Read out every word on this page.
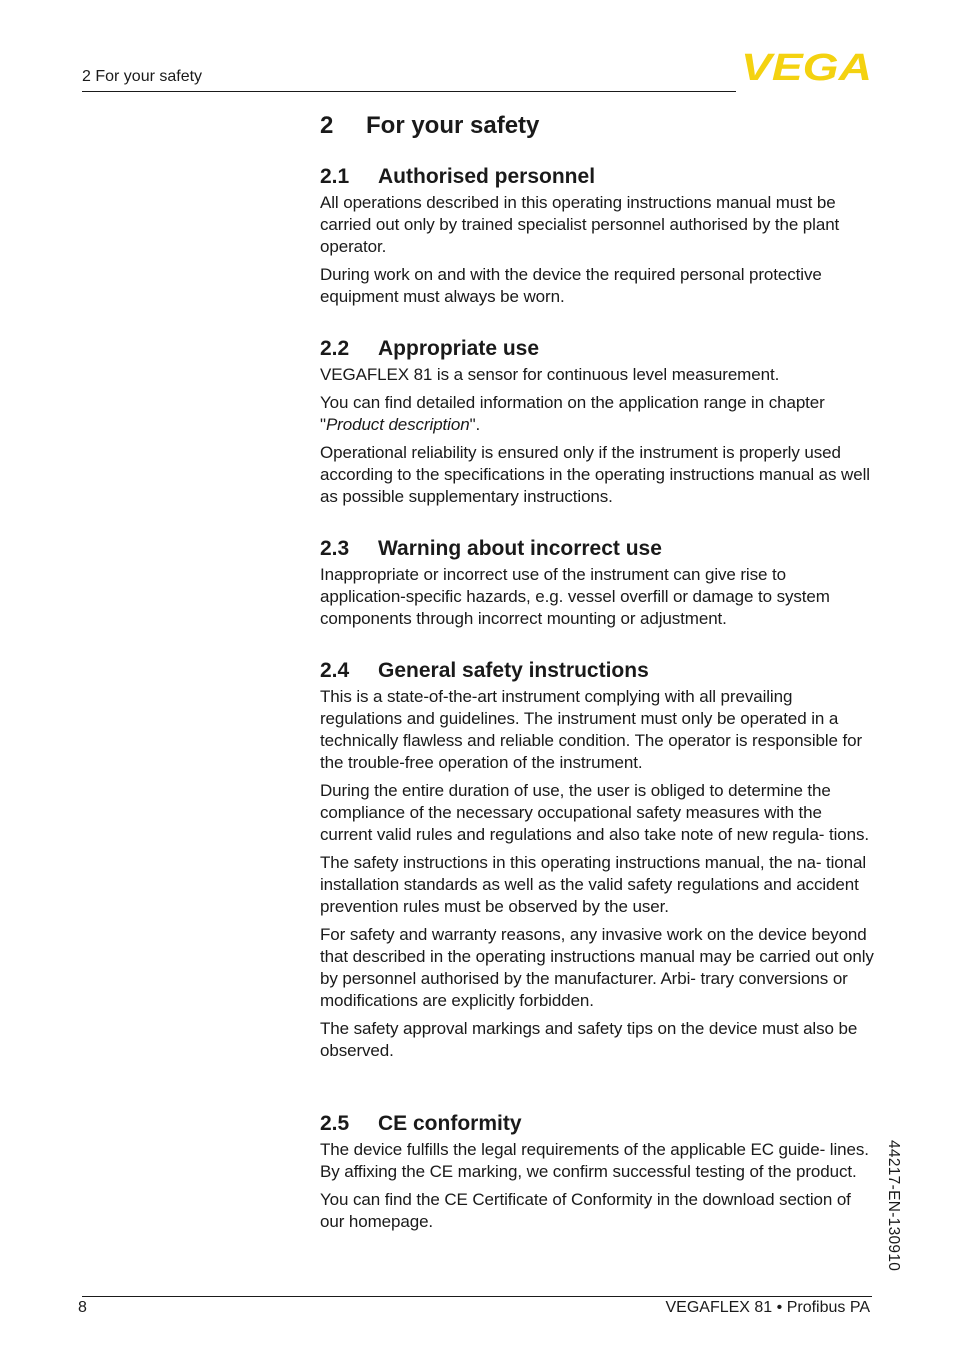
2 For your safety	VEGA
2	For your safety
2.1	Authorised personnel

All operations described in this operating instructions manual must be carried out only by trained specialist personnel authorised by the plant operator.

During work on and with the device the required personal protective equipment must always be worn.

2.2	Appropriate use

VEGAFLEX 81 is a sensor for continuous level measurement.

You can find detailed information on the application range in chapter "Product description".

Operational reliability is ensured only if the instrument is properly used according to the specifications in the operating instructions manual as well as possible supplementary instructions.

2.3	Warning about incorrect use

Inappropriate or incorrect use of the instrument can give rise to application-specific hazards, e.g. vessel overfill or damage to system components through incorrect mounting or adjustment.

2.4	General safety instructions

This is a state-of-the-art instrument complying with all prevailing regulations and guidelines. The instrument must only be operated in a technically flawless and reliable condition. The operator is responsible for the trouble-free operation of the instrument.

During the entire duration of use, the user is obliged to determine the compliance of the necessary occupational safety measures with the current valid rules and regulations and also take note of new regula- tions.

The safety instructions in this operating instructions manual, the na- tional installation standards as well as the valid safety regulations and accident prevention rules must be observed by the user.

For safety and warranty reasons, any invasive work on the device beyond that described in the operating instructions manual may be carried out only by personnel authorised by the manufacturer. Arbi- trary conversions or modifications are explicitly forbidden.

The safety approval markings and safety tips on the device must also be observed.

2.5	CE conformity

The device fulfills the legal requirements of the applicable EC guide- lines. By affixing the CE marking, we confirm successful testing of the product.

You can find the CE Certificate of Conformity in the download section of our homepage.	44217-EN-130910
8	VEGAFLEX 81 • Profibus PA
